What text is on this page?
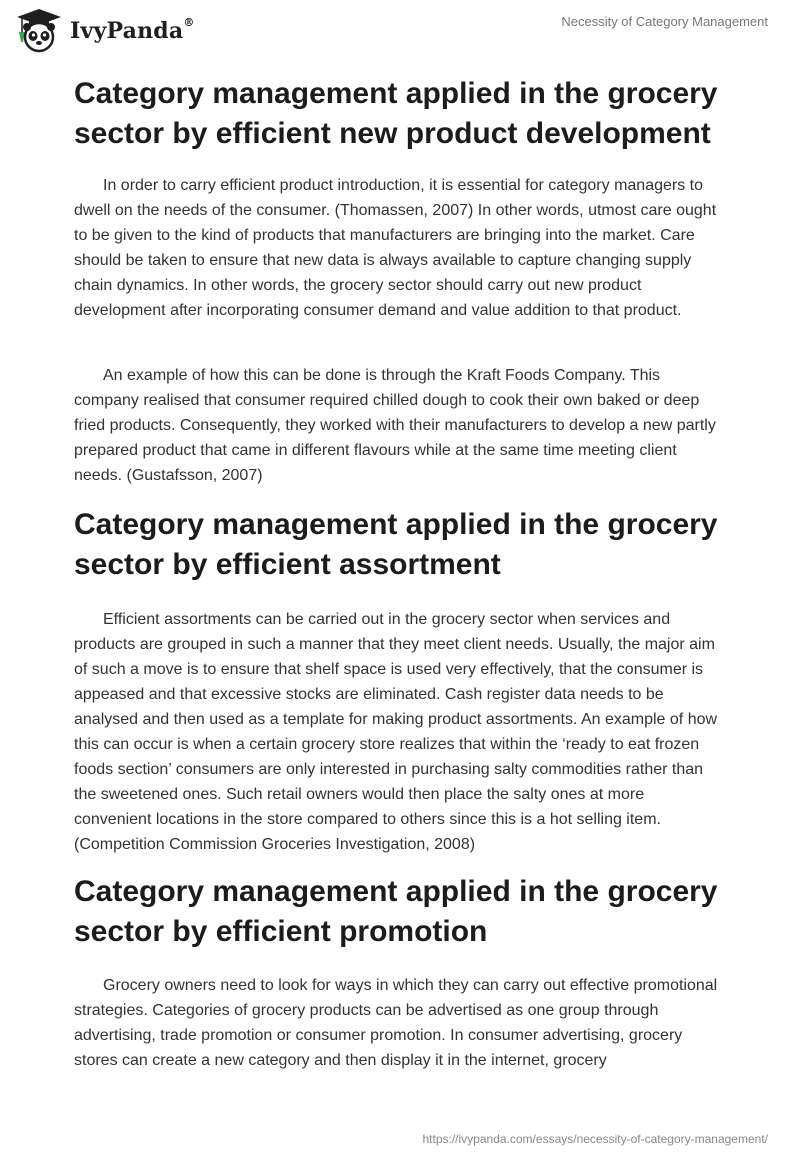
IvyPanda®	Necessity of Category Management
Category management applied in the grocery sector by efficient new product development

In order to carry efficient product introduction, it is essential for category managers to dwell on the needs of the consumer. (Thomassen, 2007) In other words, utmost care ought to be given to the kind of products that manufacturers are bringing into the market. Care should be taken to ensure that new data is always available to capture changing supply chain dynamics. In other words, the grocery sector should carry out new product development after incorporating consumer demand and value addition to that product.

An example of how this can be done is through the Kraft Foods Company. This company realised that consumer required chilled dough to cook their own baked or deep fried products. Consequently, they worked with their manufacturers to develop a new partly prepared product that came in different flavours while at the same time meeting client needs. (Gustafsson, 2007)

Category management applied in the grocery sector by efficient assortment

Efficient assortments can be carried out in the grocery sector when services and products are grouped in such a manner that they meet client needs. Usually, the major aim of such a move is to ensure that shelf space is used very effectively, that the consumer is appeased and that excessive stocks are eliminated. Cash register data needs to be analysed and then used as a template for making product assortments. An example of how this can occur is when a certain grocery store realizes that within the ‘ready to eat frozen foods section’ consumers are only interested in purchasing salty commodities rather than the sweetened ones. Such retail owners would then place the salty ones at more convenient locations in the store compared to others since this is a hot selling item. (Competition Commission Groceries Investigation, 2008)

Category management applied in the grocery sector by efficient promotion

Grocery owners need to look for ways in which they can carry out effective promotional strategies. Categories of grocery products can be advertised as one group through advertising, trade promotion or consumer promotion. In consumer advertising, grocery stores can create a new category and then display it in the internet, grocery

https://ivypanda.com/essays/necessity-of-category-management/
